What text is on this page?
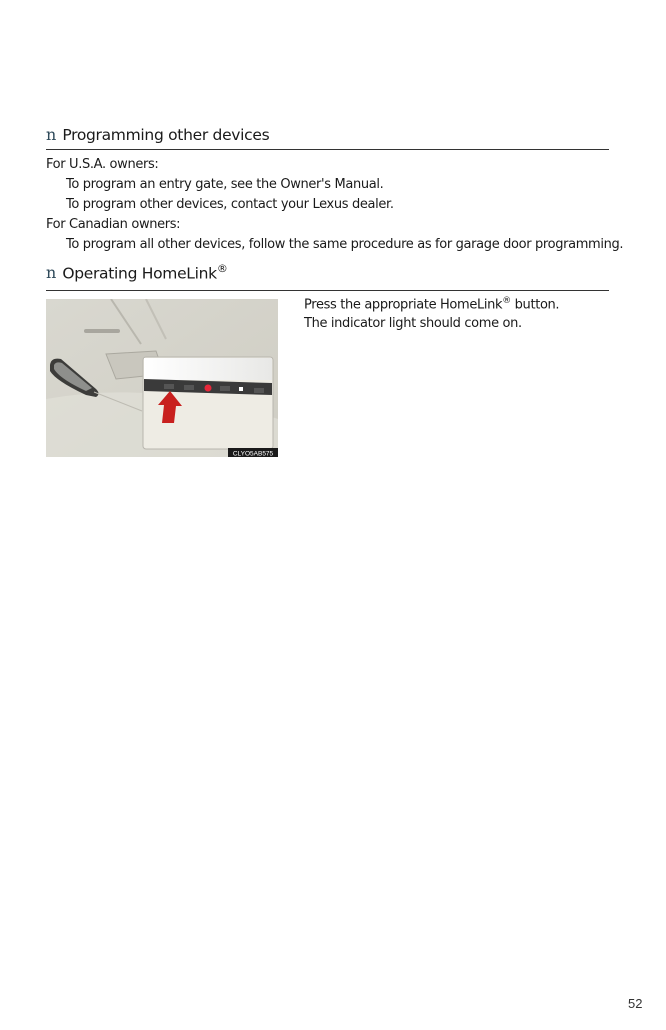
n Programming other devices
For U.S.A. owners:
To program an entry gate, see the Owner's Manual.
To program other devices, contact your Lexus dealer.
For Canadian owners:
To program all other devices, follow the same procedure as for garage door programming.
n Operating HomeLink®
Press the appropriate HomeLink® button.
The indicator light should come on.
CLYO5AB575
52
